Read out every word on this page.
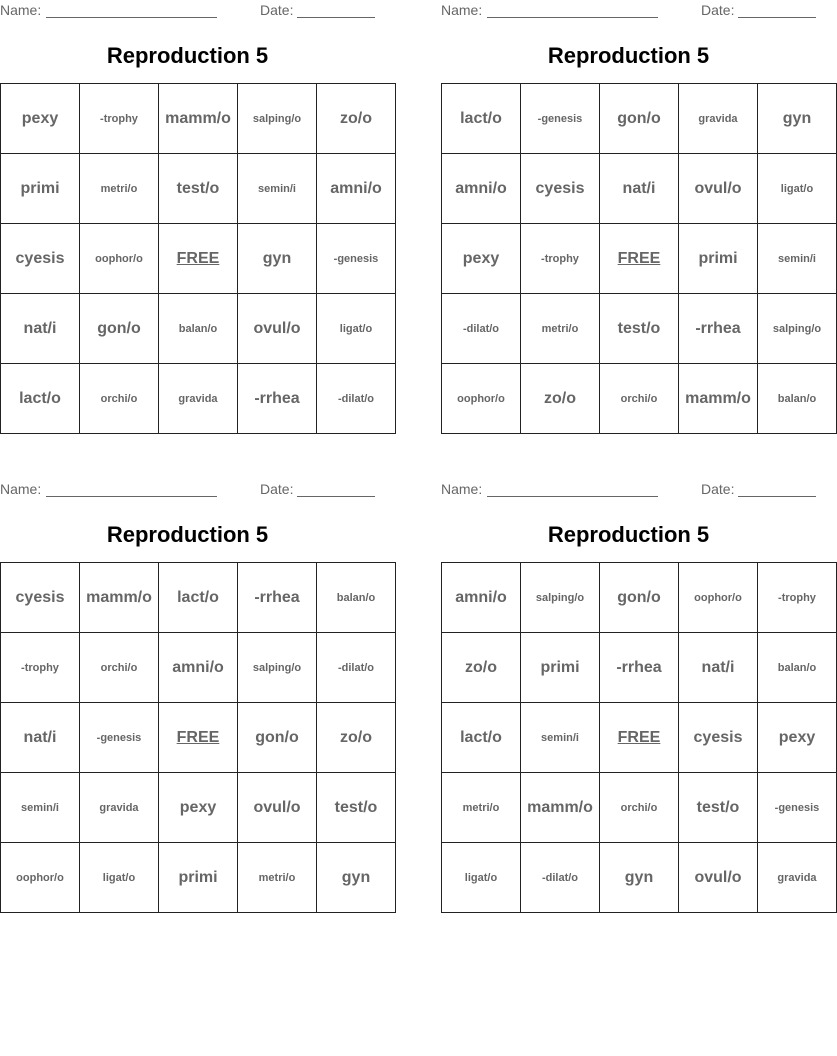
Name:	Date:
Reproduction 5
pexy	-trophy	mamm/o	salping/o	zo/o
primi	metri/o	test/o	semin/i	amni/o
cyesis	oophor/o	FREE	gyn	-genesis
nat/i	gon/o	balan/o	ovul/o	ligat/o
lact/o	orchi/o	gravida	-rrhea	-dilat/o
Name:	Date:
Reproduction 5
lact/o	-genesis	gon/o	gravida	gyn
amni/o	cyesis	nat/i	ovul/o	ligat/o
pexy	-trophy	FREE	primi	semin/i
-dilat/o	metri/o	test/o	-rrhea	salping/o
oophor/o	zo/o	orchi/o	mamm/o	balan/o
Name:	Date:
Reproduction 5
cyesis	mamm/o	lact/o	-rrhea	balan/o
-trophy	orchi/o	amni/o	salping/o	-dilat/o
nat/i	-genesis	FREE	gon/o	zo/o
semin/i	gravida	pexy	ovul/o	test/o
oophor/o	ligat/o	primi	metri/o	gyn
Name:	Date:
Reproduction 5
amni/o	salping/o	gon/o	oophor/o	-trophy
zo/o	primi	-rrhea	nat/i	balan/o
lact/o	semin/i	FREE	cyesis	pexy
metri/o	mamm/o	orchi/o	test/o	-genesis
ligat/o	-dilat/o	gyn	ovul/o	gravida
